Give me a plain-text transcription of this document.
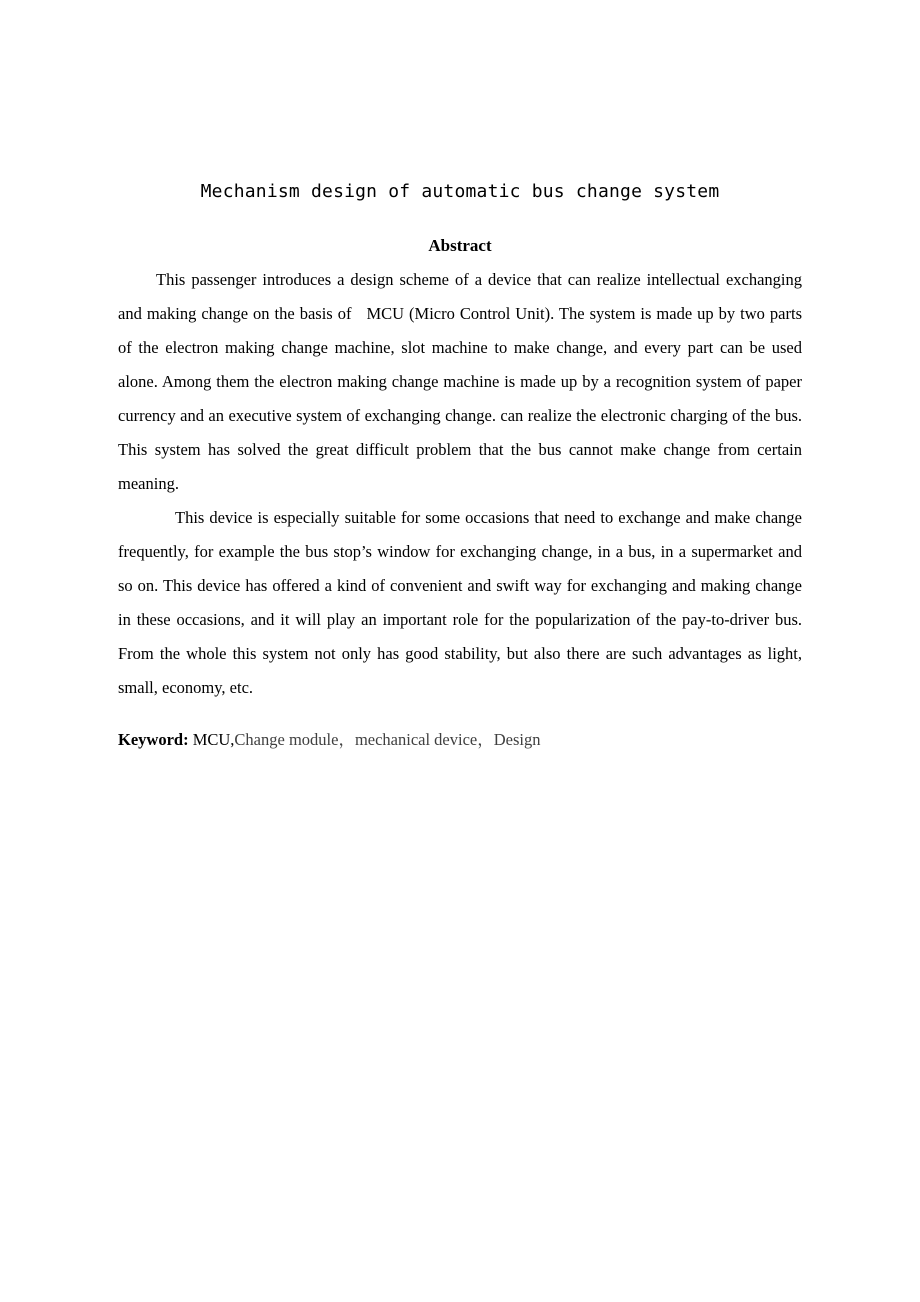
Mechanism design of automatic bus change system
Abstract

This passenger introduces a design scheme of a device that can realize intellectual exchanging and making change on the basis of   MCU (Micro Control Unit). The system is made up by two parts of the electron making change machine, slot machine to make change, and every part can be used alone. Among them the electron making change machine is made up by a recognition system of paper currency and an executive system of exchanging change. can realize the electronic charging of the bus. This system has solved the great difficult problem that the bus cannot make change from certain meaning.

This device is especially suitable for some occasions that need to exchange and make change frequently, for example the bus stop’s window for exchanging change, in a bus, in a supermarket and so on. This device has offered a kind of convenient and swift way for exchanging and making change in these occasions, and it will play an important role for the popularization of the pay-to-driver bus. From the whole this system not only has good stability, but also there are such advantages as light, small, economy, etc.

Keyword: MCU,Change module，mechanical device，Design
